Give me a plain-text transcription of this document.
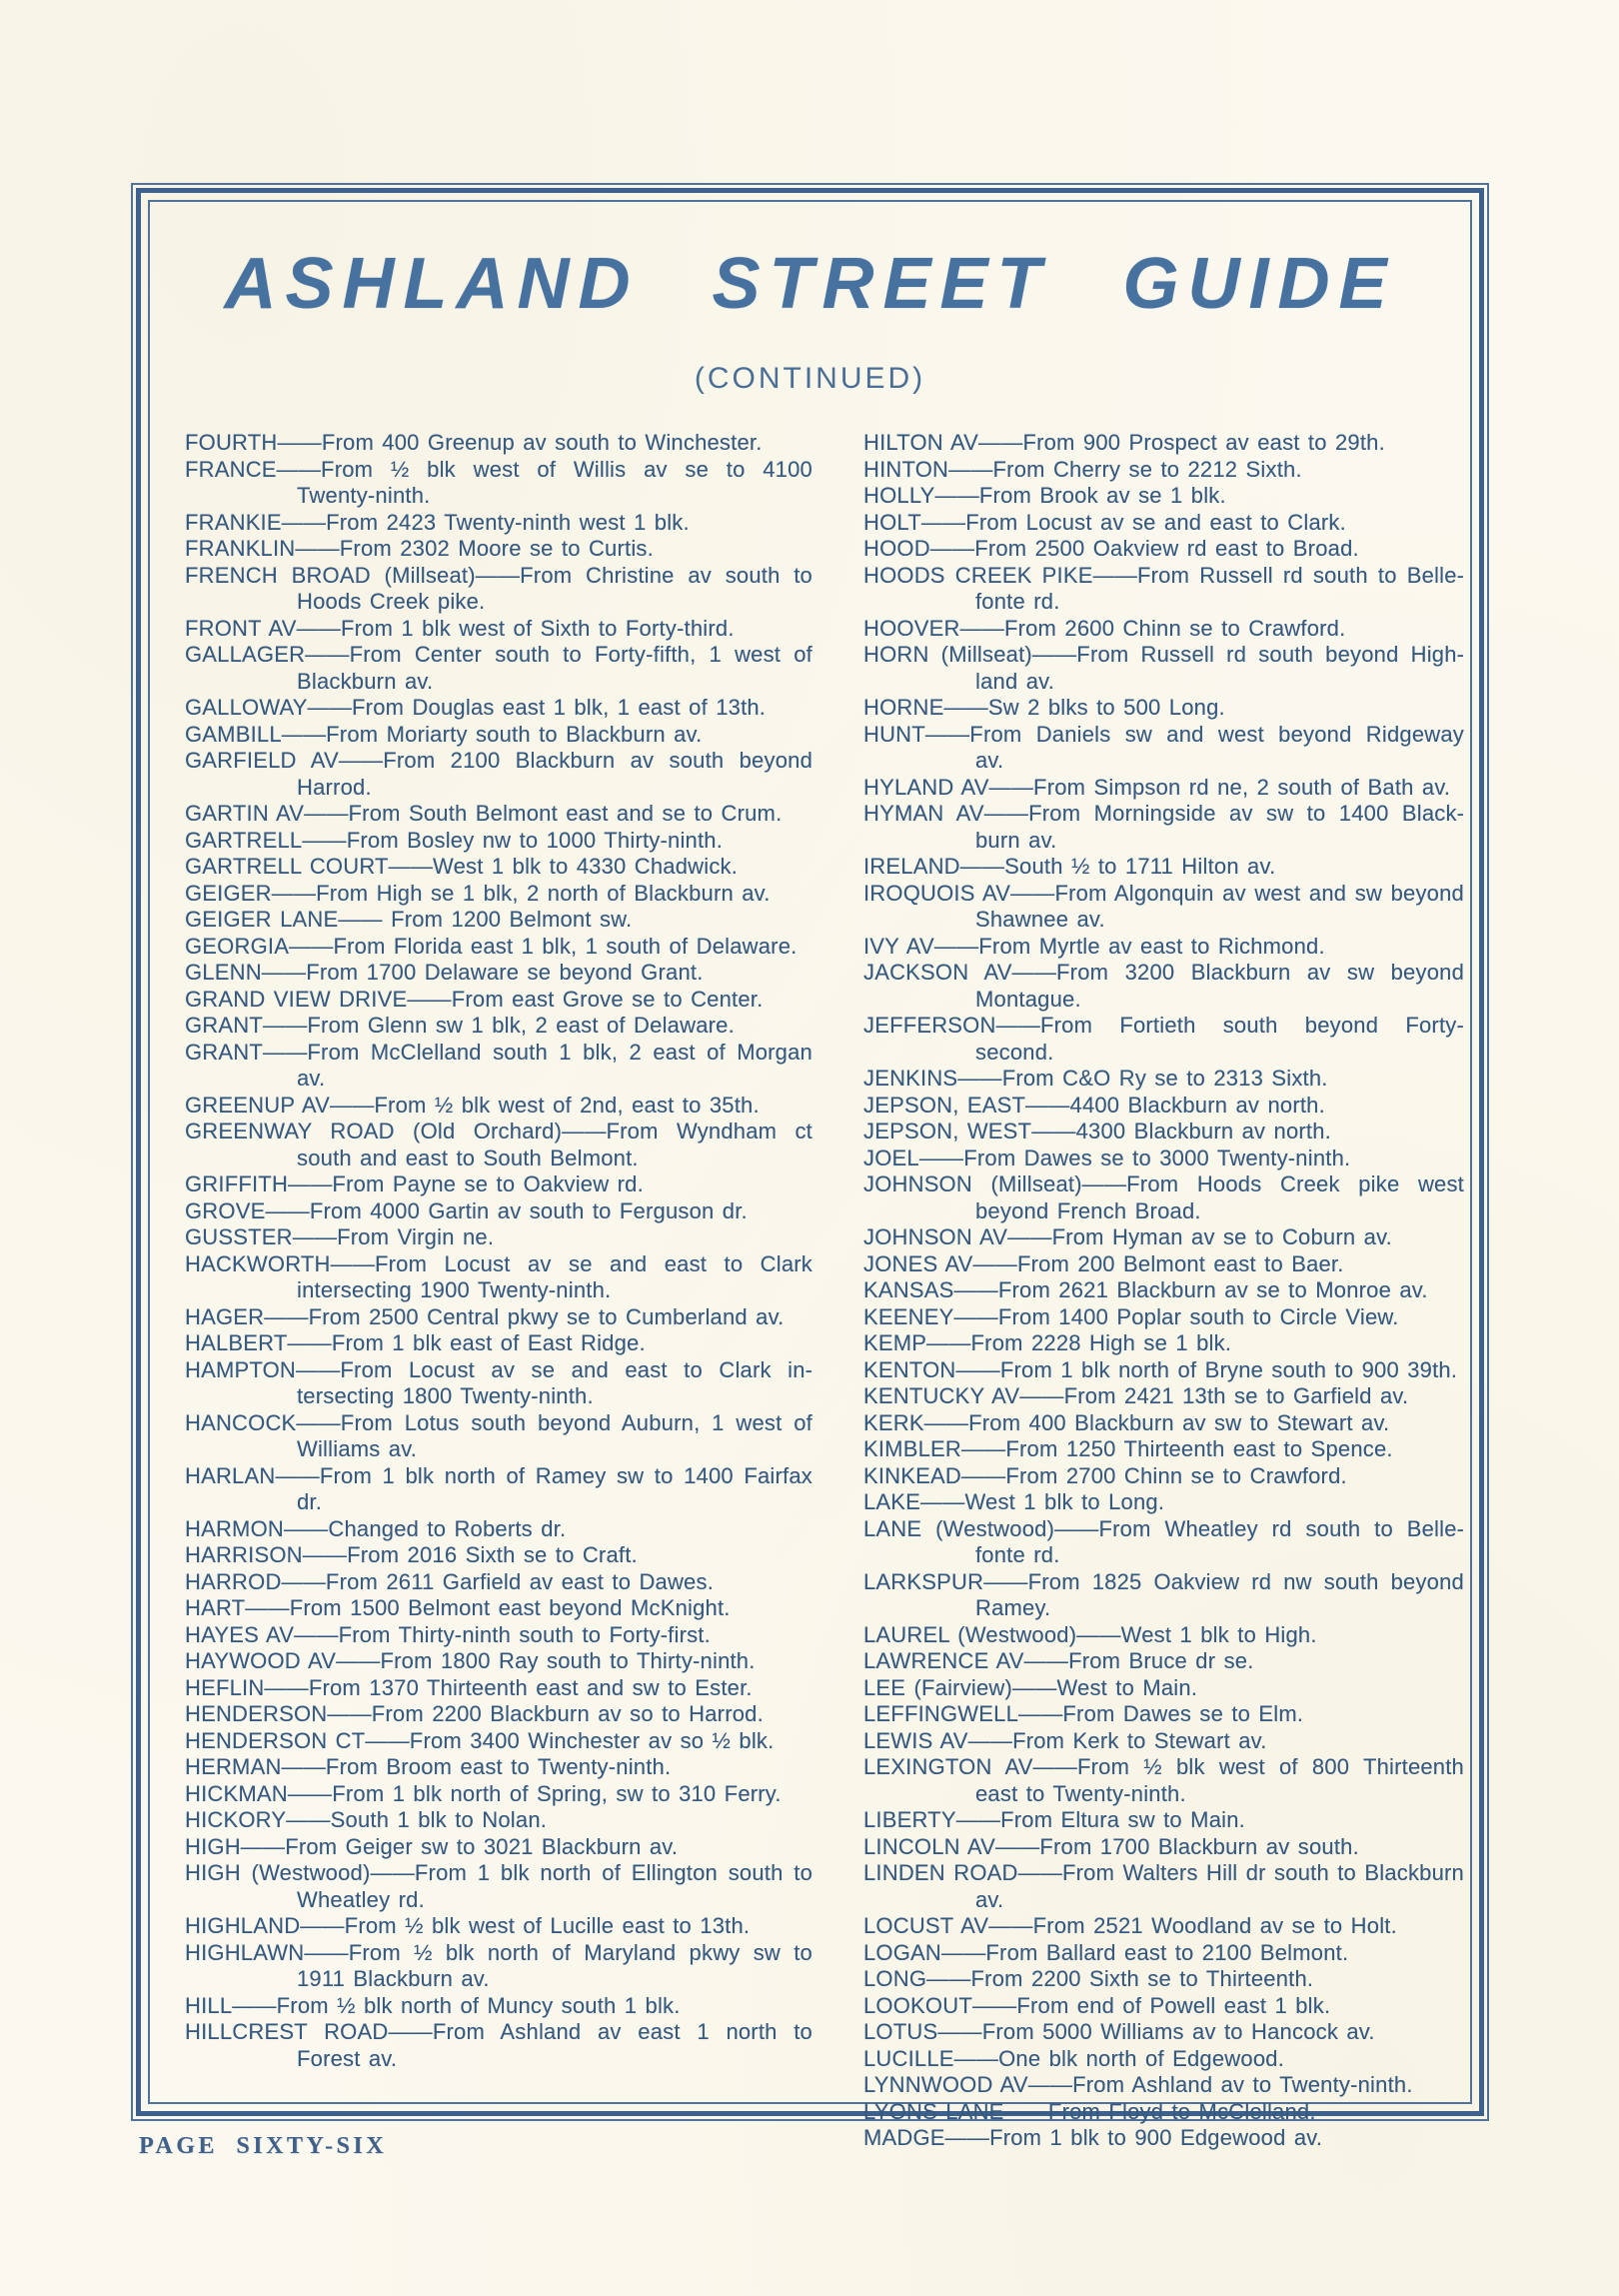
ASHLAND STREET GUIDE
(CONTINUED)

FOURTH——From 400 Greenup av south to Winchester.

FRANCE——From ½ blk west of Willis av se to 4100 Twenty-ninth.

FRANKIE——From 2423 Twenty-ninth west 1 blk.

FRANKLIN——From 2302 Moore se to Curtis.

FRENCH BROAD (Millseat)——From Christine av south to Hoods Creek pike.

FRONT AV——From 1 blk west of Sixth to Forty-third.

GALLAGER——From Center south to Forty-fifth, 1 west of Blackburn av.

GALLOWAY——From Douglas east 1 blk, 1 east of 13th.

GAMBILL——From Moriarty south to Blackburn av.

GARFIELD AV——From 2100 Blackburn av south beyond Harrod.

GARTIN AV——From South Belmont east and se to Crum.

GARTRELL——From Bosley nw to 1000 Thirty-ninth.

GARTRELL COURT——West 1 blk to 4330 Chadwick.

GEIGER——From High se 1 blk, 2 north of Blackburn av.

GEIGER LANE—— From 1200 Belmont sw.

GEORGIA——From Florida east 1 blk, 1 south of Delaware.

GLENN——From 1700 Delaware se beyond Grant.

GRAND VIEW DRIVE——From east Grove se to Center.

GRANT——From Glenn sw 1 blk, 2 east of Delaware.

GRANT——From McClelland south 1 blk, 2 east of Morgan av.

GREENUP AV——From ½ blk west of 2nd, east to 35th.

GREENWAY ROAD (Old Orchard)——From Wyndham ct south and east to South Belmont.

GRIFFITH——From Payne se to Oakview rd.

GROVE——From 4000 Gartin av south to Ferguson dr.

GUSSTER——From Virgin ne.

HACKWORTH——From Locust av se and east to Clark intersecting 1900 Twenty-ninth.

HAGER——From 2500 Central pkwy se to Cumberland av.

HALBERT——From 1 blk east of East Ridge.

HAMPTON——From Locust av se and east to Clark intersecting 1800 Twenty-ninth.

HANCOCK——From Lotus south beyond Auburn, 1 west of Williams av.

HARLAN——From 1 blk north of Ramey sw to 1400 Fairfax dr.

HARMON——Changed to Roberts dr.

HARRISON——From 2016 Sixth se to Craft.

HARROD——From 2611 Garfield av east to Dawes.

HART——From 1500 Belmont east beyond McKnight.

HAYES AV——From Thirty-ninth south to Forty-first.

HAYWOOD AV——From 1800 Ray south to Thirty-ninth.

HEFLIN——From 1370 Thirteenth east and sw to Ester.

HENDERSON——From 2200 Blackburn av so to Harrod.

HENDERSON CT——From 3400 Winchester av so ½ blk.

HERMAN——From Broom east to Twenty-ninth.

HICKMAN——From 1 blk north of Spring, sw to 310 Ferry.

HICKORY——South 1 blk to Nolan.

HIGH——From Geiger sw to 3021 Blackburn av.

HIGH (Westwood)——From 1 blk north of Ellington south to Wheatley rd.

HIGHLAND——From ½ blk west of Lucille east to 13th.

HIGHLAWN——From ½ blk north of Maryland pkwy sw to 1911 Blackburn av.

HILL——From ½ blk north of Muncy south 1 blk.

HILLCREST ROAD——From Ashland av east 1 north to Forest av.

HILTON AV——From 900 Prospect av east to 29th.

HINTON——From Cherry se to 2212 Sixth.

HOLLY——From Brook av se 1 blk.

HOLT——From Locust av se and east to Clark.

HOOD——From 2500 Oakview rd east to Broad.

HOODS CREEK PIKE——From Russell rd south to Bellefonte rd.

HOOVER——From 2600 Chinn se to Crawford.

HORN (Millseat)——From Russell rd south beyond Highland av.

HORNE——Sw 2 blks to 500 Long.

HUNT——From Daniels sw and west beyond Ridgeway av.

HYLAND AV——From Simpson rd ne, 2 south of Bath av.

HYMAN AV——From Morningside av sw to 1400 Blackburn av.

IRELAND——South ½ to 1711 Hilton av.

IROQUOIS AV——From Algonquin av west and sw beyond Shawnee av.

IVY AV——From Myrtle av east to Richmond.

JACKSON AV——From 3200 Blackburn av sw beyond Montague.

JEFFERSON——From Fortieth south beyond Forty-second.

JENKINS——From C&O Ry se to 2313 Sixth.

JEPSON, EAST——4400 Blackburn av north.

JEPSON, WEST——4300 Blackburn av north.

JOEL——From Dawes se to 3000 Twenty-ninth.

JOHNSON (Millseat)——From Hoods Creek pike west beyond French Broad.

JOHNSON AV——From Hyman av se to Coburn av.

JONES AV——From 200 Belmont east to Baer.

KANSAS——From 2621 Blackburn av se to Monroe av.

KEENEY——From 1400 Poplar south to Circle View.

KEMP——From 2228 High se 1 blk.

KENTON——From 1 blk north of Bryne south to 900 39th.

KENTUCKY AV——From 2421 13th se to Garfield av.

KERK——From 400 Blackburn av sw to Stewart av.

KIMBLER——From 1250 Thirteenth east to Spence.

KINKEAD——From 2700 Chinn se to Crawford.

LAKE——West 1 blk to Long.

LANE (Westwood)——From Wheatley rd south to Bellefonte rd.

LARKSPUR——From 1825 Oakview rd nw south beyond Ramey.

LAUREL (Westwood)——West 1 blk to High.

LAWRENCE AV——From Bruce dr se.

LEE (Fairview)——West to Main.

LEFFINGWELL——From Dawes se to Elm.

LEWIS AV——From Kerk to Stewart av.

LEXINGTON AV——From ½ blk west of 800 Thirteenth east to Twenty-ninth.

LIBERTY——From Eltura sw to Main.

LINCOLN AV——From 1700 Blackburn av south.

LINDEN ROAD——From Walters Hill dr south to Blackburn av.

LOCUST AV——From 2521 Woodland av se to Holt.

LOGAN——From Ballard east to 2100 Belmont.

LONG——From 2200 Sixth se to Thirteenth.

LOOKOUT——From end of Powell east 1 blk.

LOTUS——From 5000 Williams av to Hancock av.

LUCILLE——One blk north of Edgewood.

LYNNWOOD AV——From Ashland av to Twenty-ninth.

LYONS LANE——From Floyd to McClelland.

MADGE——From 1 blk to 900 Edgewood av.

PAGE SIXTY-SIX
